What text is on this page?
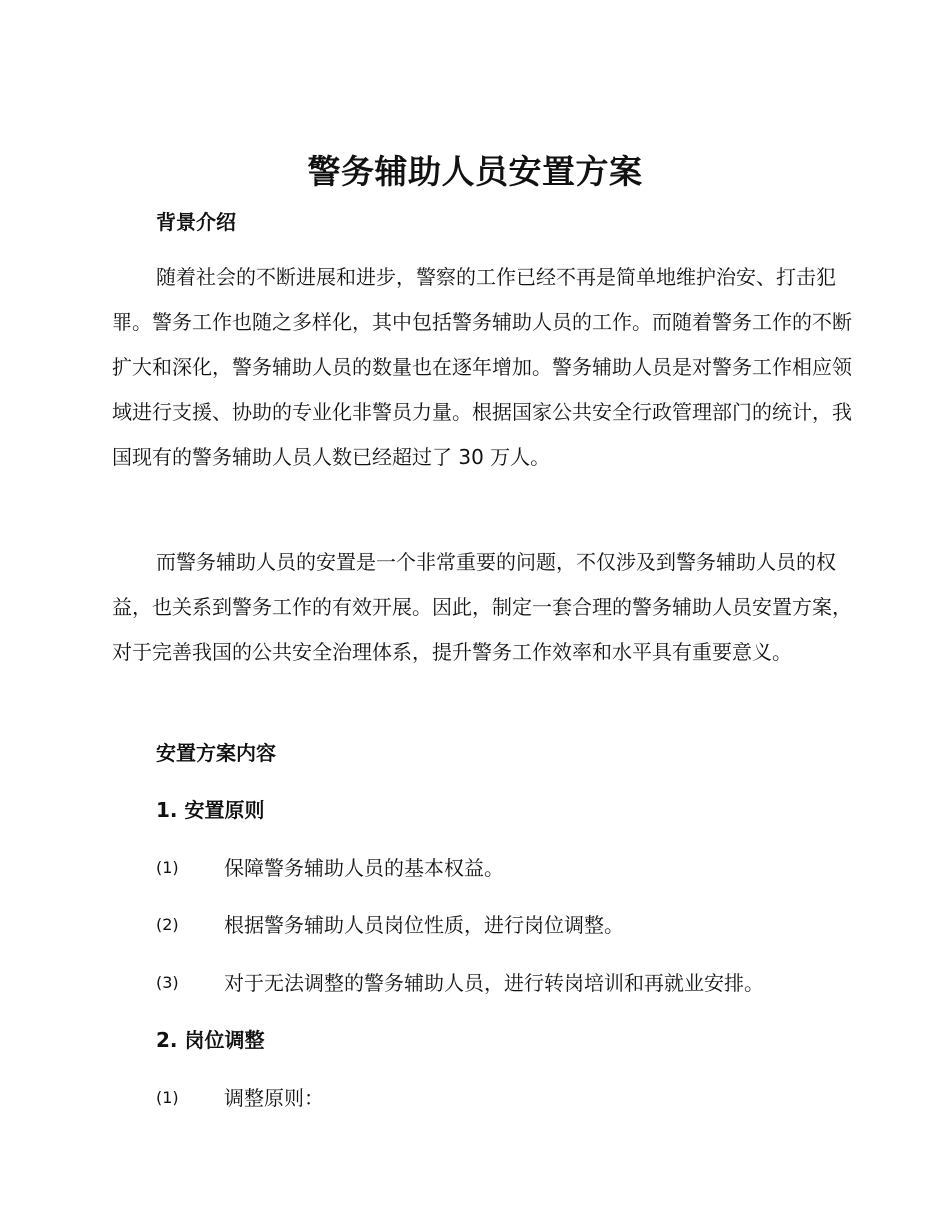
警务辅助人员安置方案
背景介绍

随着社会的不断进展和进步，警察的工作已经不再是简单地维护治安、打击犯罪。警务工作也随之多样化，其中包括警务辅助人员的工作。而随着警务工作的不断扩大和深化，警务辅助人员的数量也在逐年增加。警务辅助人员是对警务工作相应领域进行支援、协助的专业化非警员力量。根据国家公共安全行政管理部门的统计，我国现有的警务辅助人员人数已经超过了 30 万人。

而警务辅助人员的安置是一个非常重要的问题，不仅涉及到警务辅助人员的权益，也关系到警务工作的有效开展。因此，制定一套合理的警务辅助人员安置方案，对于完善我国的公共安全治理体系，提升警务工作效率和水平具有重要意义。

安置方案内容
1. 安置原则
(1) 保障警务辅助人员的基本权益。
(2) 根据警务辅助人员岗位性质，进行岗位调整。
(3) 对于无法调整的警务辅助人员，进行转岗培训和再就业安排。
2. 岗位调整
(1) 调整原则：
